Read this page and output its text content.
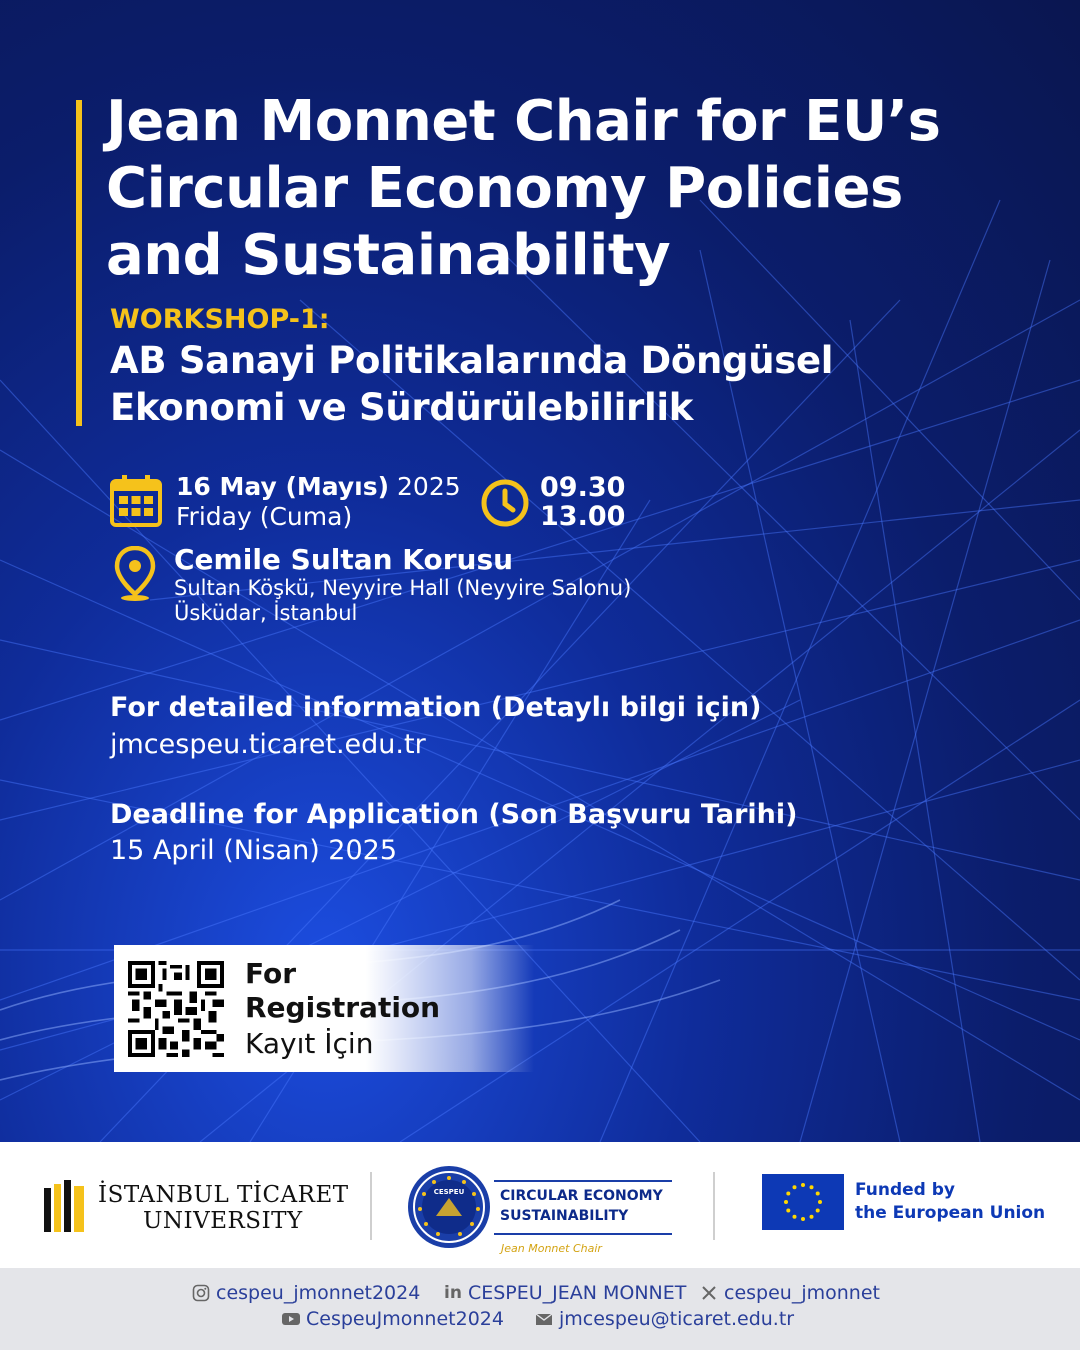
Jean Monnet Chair for EU’s
Circular Economy Policies
and Sustainability
WORKSHOP-1:
AB Sanayi Politikalarında Döngüsel
Ekonomi ve Sürdürülebilirlik
16 May (Mayıs) 2025
Friday (Cuma)
09.30
13.00
Cemile Sultan Korusu
Sultan Köşkü, Neyyire Hall (Neyyire Salonu)
Üsküdar, İstanbul
For detailed information (Detaylı bilgi için)
jmcespeu.ticaret.edu.tr
Deadline for Application (Son Başvuru Tarihi)
15 April (Nisan) 2025
For
Registration
Kayıt İçin
İSTANBUL TİCARET
UNIVERSITY
CESPEU	CIRCULAR ECONOMY
SUSTAINABILITY
Jean Monnet Chair
Funded by
the European Union
cespeu_jmonnet2024 in CESPEU_JEAN MONNET cespeu_jmonnet
CespeuJmonnet2024	jmcespeu@ticaret.edu.tr
